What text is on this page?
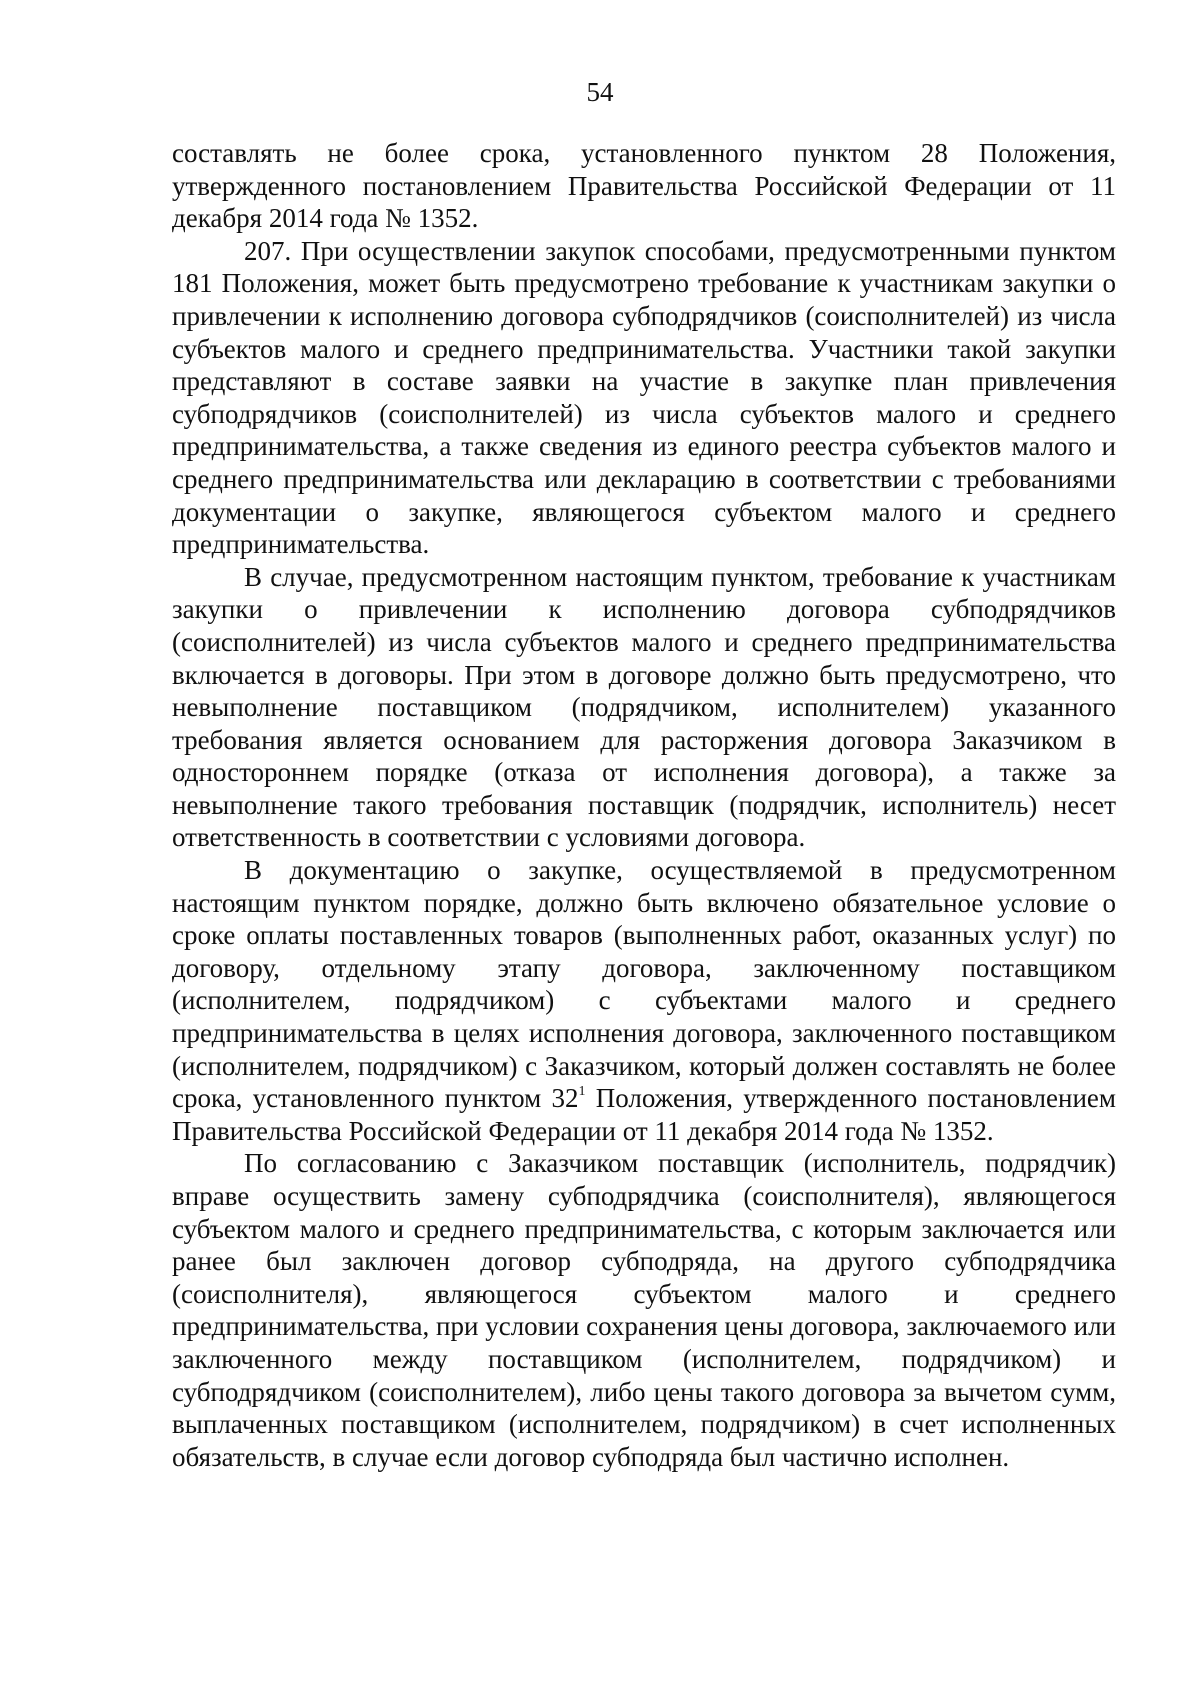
54

составлять не более срока, установленного пунктом 28 Положения, утвержденного постановлением Правительства Российской Федерации от 11 декабря 2014 года № 1352.

207. При осуществлении закупок способами, предусмотренными пунктом 181 Положения, может быть предусмотрено требование к участникам закупки о привлечении к исполнению договора субподрядчиков (соисполнителей) из числа субъектов малого и среднего предпринимательства. Участники такой закупки представляют в составе заявки на участие в закупке план привлечения субподрядчиков (соисполнителей) из числа субъектов малого и среднего предпринимательства, а также сведения из единого реестра субъектов малого и среднего предпринимательства или декларацию в соответствии с требованиями документации о закупке, являющегося субъектом малого и среднего предпринимательства.

В случае, предусмотренном настоящим пунктом, требование к участникам закупки о привлечении к исполнению договора субподрядчиков (соисполнителей) из числа субъектов малого и среднего предпринимательства включается в договоры. При этом в договоре должно быть предусмотрено, что невыполнение поставщиком (подрядчиком, исполнителем) указанного требования является основанием для расторжения договора Заказчиком в одностороннем порядке (отказа от исполнения договора), а также за невыполнение такого требования поставщик (подрядчик, исполнитель) несет ответственность в соответствии с условиями договора.

В документацию о закупке, осуществляемой в предусмотренном настоящим пунктом порядке, должно быть включено обязательное условие о сроке оплаты поставленных товаров (выполненных работ, оказанных услуг) по договору, отдельному этапу договора, заключенному поставщиком (исполнителем, подрядчиком) с субъектами малого и среднего предпринимательства в целях исполнения договора, заключенного поставщиком (исполнителем, подрядчиком) с Заказчиком, который должен составлять не более срока, установленного пунктом $32^1$ Положения, утвержденного постановлением Правительства Российской Федерации от 11 декабря 2014 года № 1352.

По согласованию с Заказчиком поставщик (исполнитель, подрядчик) вправе осуществить замену субподрядчика (соисполнителя), являющегося субъектом малого и среднего предпринимательства, с которым заключается или ранее был заключен договор субподряда, на другого субподрядчика (соисполнителя), являющегося субъектом малого и среднего предпринимательства, при условии сохранения цены договора, заключаемого или заключенного между поставщиком (исполнителем, подрядчиком) и субподрядчиком (соисполнителем), либо цены такого договора за вычетом сумм, выплаченных поставщиком (исполнителем, подрядчиком) в счет исполненных обязательств, в случае если договор субподряда был частично исполнен.
